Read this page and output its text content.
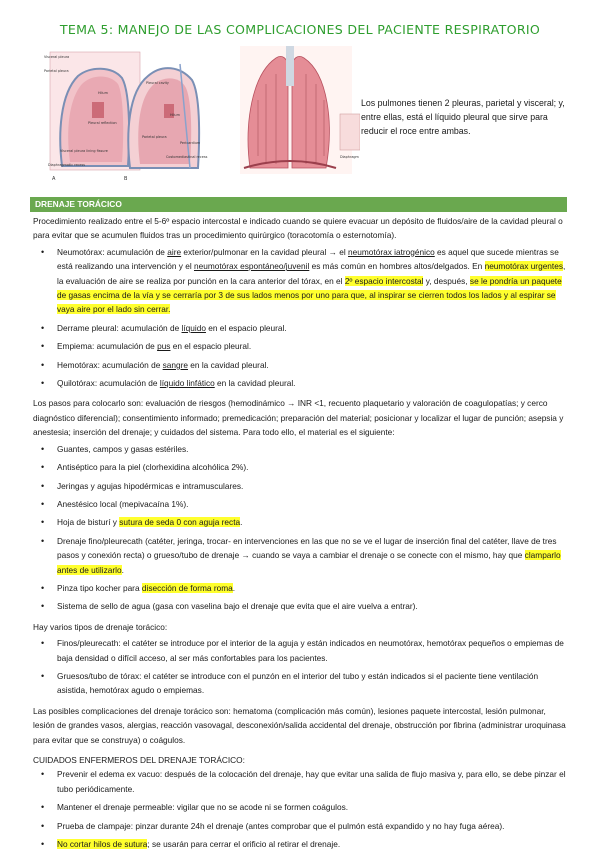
TEMA 5: MANEJO DE LAS COMPLICACIONES DEL PACIENTE RESPIRATORIO
Visceral pleura
Parietal pleura
Hilum
Pleural reflection
Visceral pleura lining fissure
Diaphragmatic recess
Pleural cavity
Hilum
Parietal pleura
Pericardium
Costomediastinal recess	Diaphragm
A	B
Los pulmones tienen 2 pleuras, parietal y visceral; y, entre ellas, está el líquido pleural que sirve para reducir el roce entre ambas.
DRENAJE TORÁCICO

Procedimiento realizado entre el 5-6º espacio intercostal e indicado cuando se quiere evacuar un depósito de fluidos/aire de la cavidad pleural o para evitar que se acumulen fluidos tras un procedimiento quirúrgico (toracotomía o esternotomía).

• Neumotórax: acumulación de aire exterior/pulmonar en la cavidad pleural → el neumotórax iatrogénico es aquel que sucede mientras se está realizando una intervención y el neumotórax espontáneo/juvenil es más común en hombres altos/delgados. En neumotórax urgentes, la evaluación de aire se realiza por punción en la cara anterior del tórax, en el 2º espacio intercostal y, después, se le pondría un paquete de gasas encima de la vía y se cerraría por 3 de sus lados menos por uno para que, al inspirar se cierren todos los lados y al espirar se vaya aire por el lado sin cerrar.
• Derrame pleural: acumulación de líquido en el espacio pleural.
• Empiema: acumulación de pus en el espacio pleural.
• Hemotórax: acumulación de sangre en la cavidad pleural.
• Quilotórax: acumulación de líquido linfático en la cavidad pleural.

Los pasos para colocarlo son: evaluación de riesgos (hemodinámico → INR <1, recuento plaquetario y valoración de coagulopatías; y cerco diagnóstico diferencial); consentimiento informado; premedicación; preparación del material; posicionar y localizar el lugar de punción; asepsia y anestesia; inserción del drenaje; y cuidados del sistema. Para todo ello, el material es el siguiente:

• Guantes, campos y gasas estériles.
• Antiséptico para la piel (clorhexidina alcohólica 2%).
• Jeringas y agujas hipodérmicas e intramusculares.
• Anestésico local (mepivacaína 1%).
• Hoja de bisturí y sutura de seda 0 con aguja recta.
• Drenaje fino/pleurecath (catéter, jeringa, trocar- en intervenciones en las que no se ve el lugar de inserción final del catéter, llave de tres pasos y conexión recta) o grueso/tubo de drenaje → cuando se vaya a cambiar el drenaje o se conecte con el mismo, hay que clamparlo antes de utilizarlo.
• Pinza tipo kocher para disección de forma roma.
• Sistema de sello de agua (gasa con vaselina bajo el drenaje que evita que el aire vuelva a entrar).

Hay varios tipos de drenaje torácico:

• Finos/pleurecath: el catéter se introduce por el interior de la aguja y están indicados en neumotórax, hemotórax pequeños o empiemas de baja densidad o difícil acceso, al ser más confortables para los pacientes.
• Gruesos/tubo de tórax: el catéter se introduce con el punzón en el interior del tubo y están indicados si el paciente tiene ventilación asistida, hemotórax agudo o empiemas.

Las posibles complicaciones del drenaje torácico son: hematoma (complicación más común), lesiones paquete intercostal, lesión pulmonar, lesión de grandes vasos, alergias, reacción vasovagal, desconexión/salida accidental del drenaje, obstrucción por fibrina (administrar uroquinasa para evitar que se construya) o coágulos.

CUIDADOS ENFERMEROS DEL DRENAJE TORÁCICO:

• Prevenir el edema ex vacuo: después de la colocación del drenaje, hay que evitar una salida de flujo masiva y, para ello, se debe pinzar el tubo periódicamente.
• Mantener el drenaje permeable: vigilar que no se acode ni se formen coágulos.
• Prueba de clampaje: pinzar durante 24h el drenaje (antes comprobar que el pulmón está expandido y no hay fuga aérea).
• No cortar hilos de sutura; se usarán para cerrar el orificio al retirar el drenaje.
